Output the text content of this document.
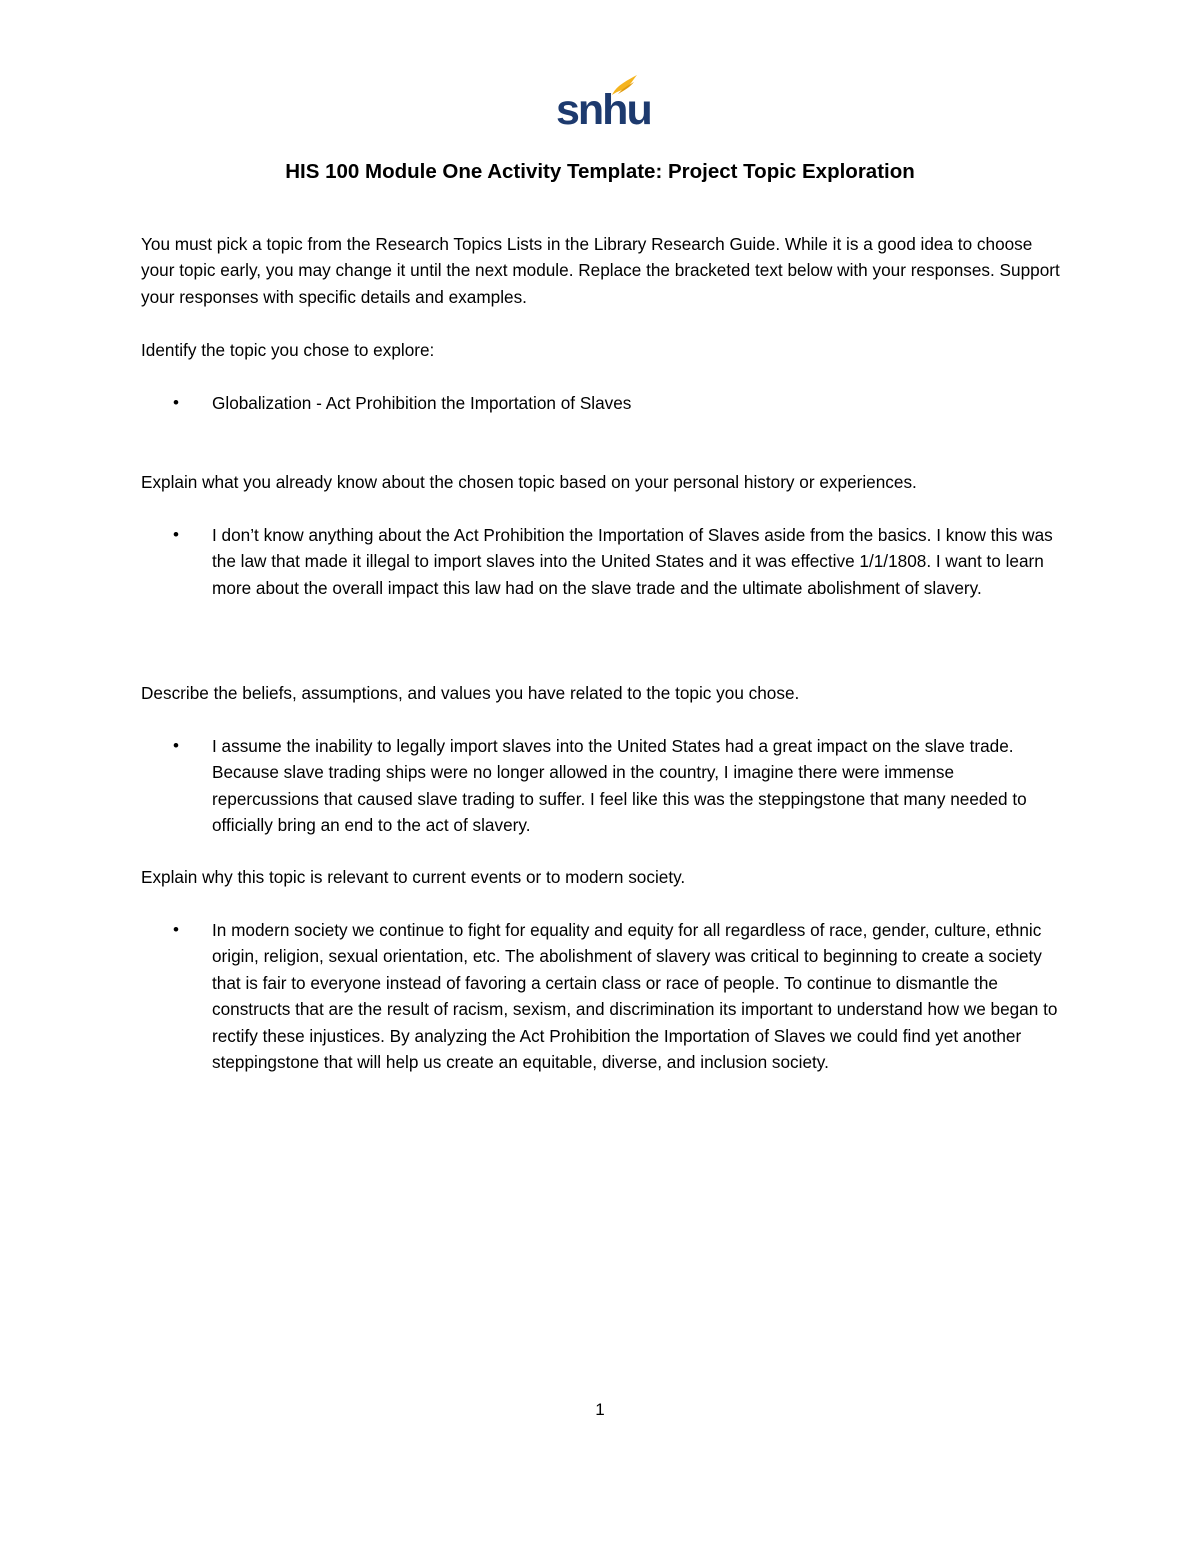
snhu
HIS 100 Module One Activity Template: Project Topic Exploration

You must pick a topic from the Research Topics Lists in the Library Research Guide. While it is a good idea to choose your topic early, you may change it until the next module. Replace the bracketed text below with your responses. Support your responses with specific details and examples.

Identify the topic you chose to explore:

• Globalization - Act Prohibition the Importation of Slaves

Explain what you already know about the chosen topic based on your personal history or experiences.

• I don’t know anything about the Act Prohibition the Importation of Slaves aside from the basics. I know this was the law that made it illegal to import slaves into the United States and it was effective 1/1/1808. I want to learn more about the overall impact this law had on the slave trade and the ultimate abolishment of slavery.

Describe the beliefs, assumptions, and values you have related to the topic you chose.

• I assume the inability to legally import slaves into the United States had a great impact on the slave trade. Because slave trading ships were no longer allowed in the country, I imagine there were immense repercussions that caused slave trading to suffer. I feel like this was the steppingstone that many needed to officially bring an end to the act of slavery.

Explain why this topic is relevant to current events or to modern society.

• In modern society we continue to fight for equality and equity for all regardless of race, gender, culture, ethnic origin, religion, sexual orientation, etc. The abolishment of slavery was critical to beginning to create a society that is fair to everyone instead of favoring a certain class or race of people. To continue to dismantle the constructs that are the result of racism, sexism, and discrimination its important to understand how we began to rectify these injustices. By analyzing the Act Prohibition the Importation of Slaves we could find yet another steppingstone that will help us create an equitable, diverse, and inclusion society.
1
